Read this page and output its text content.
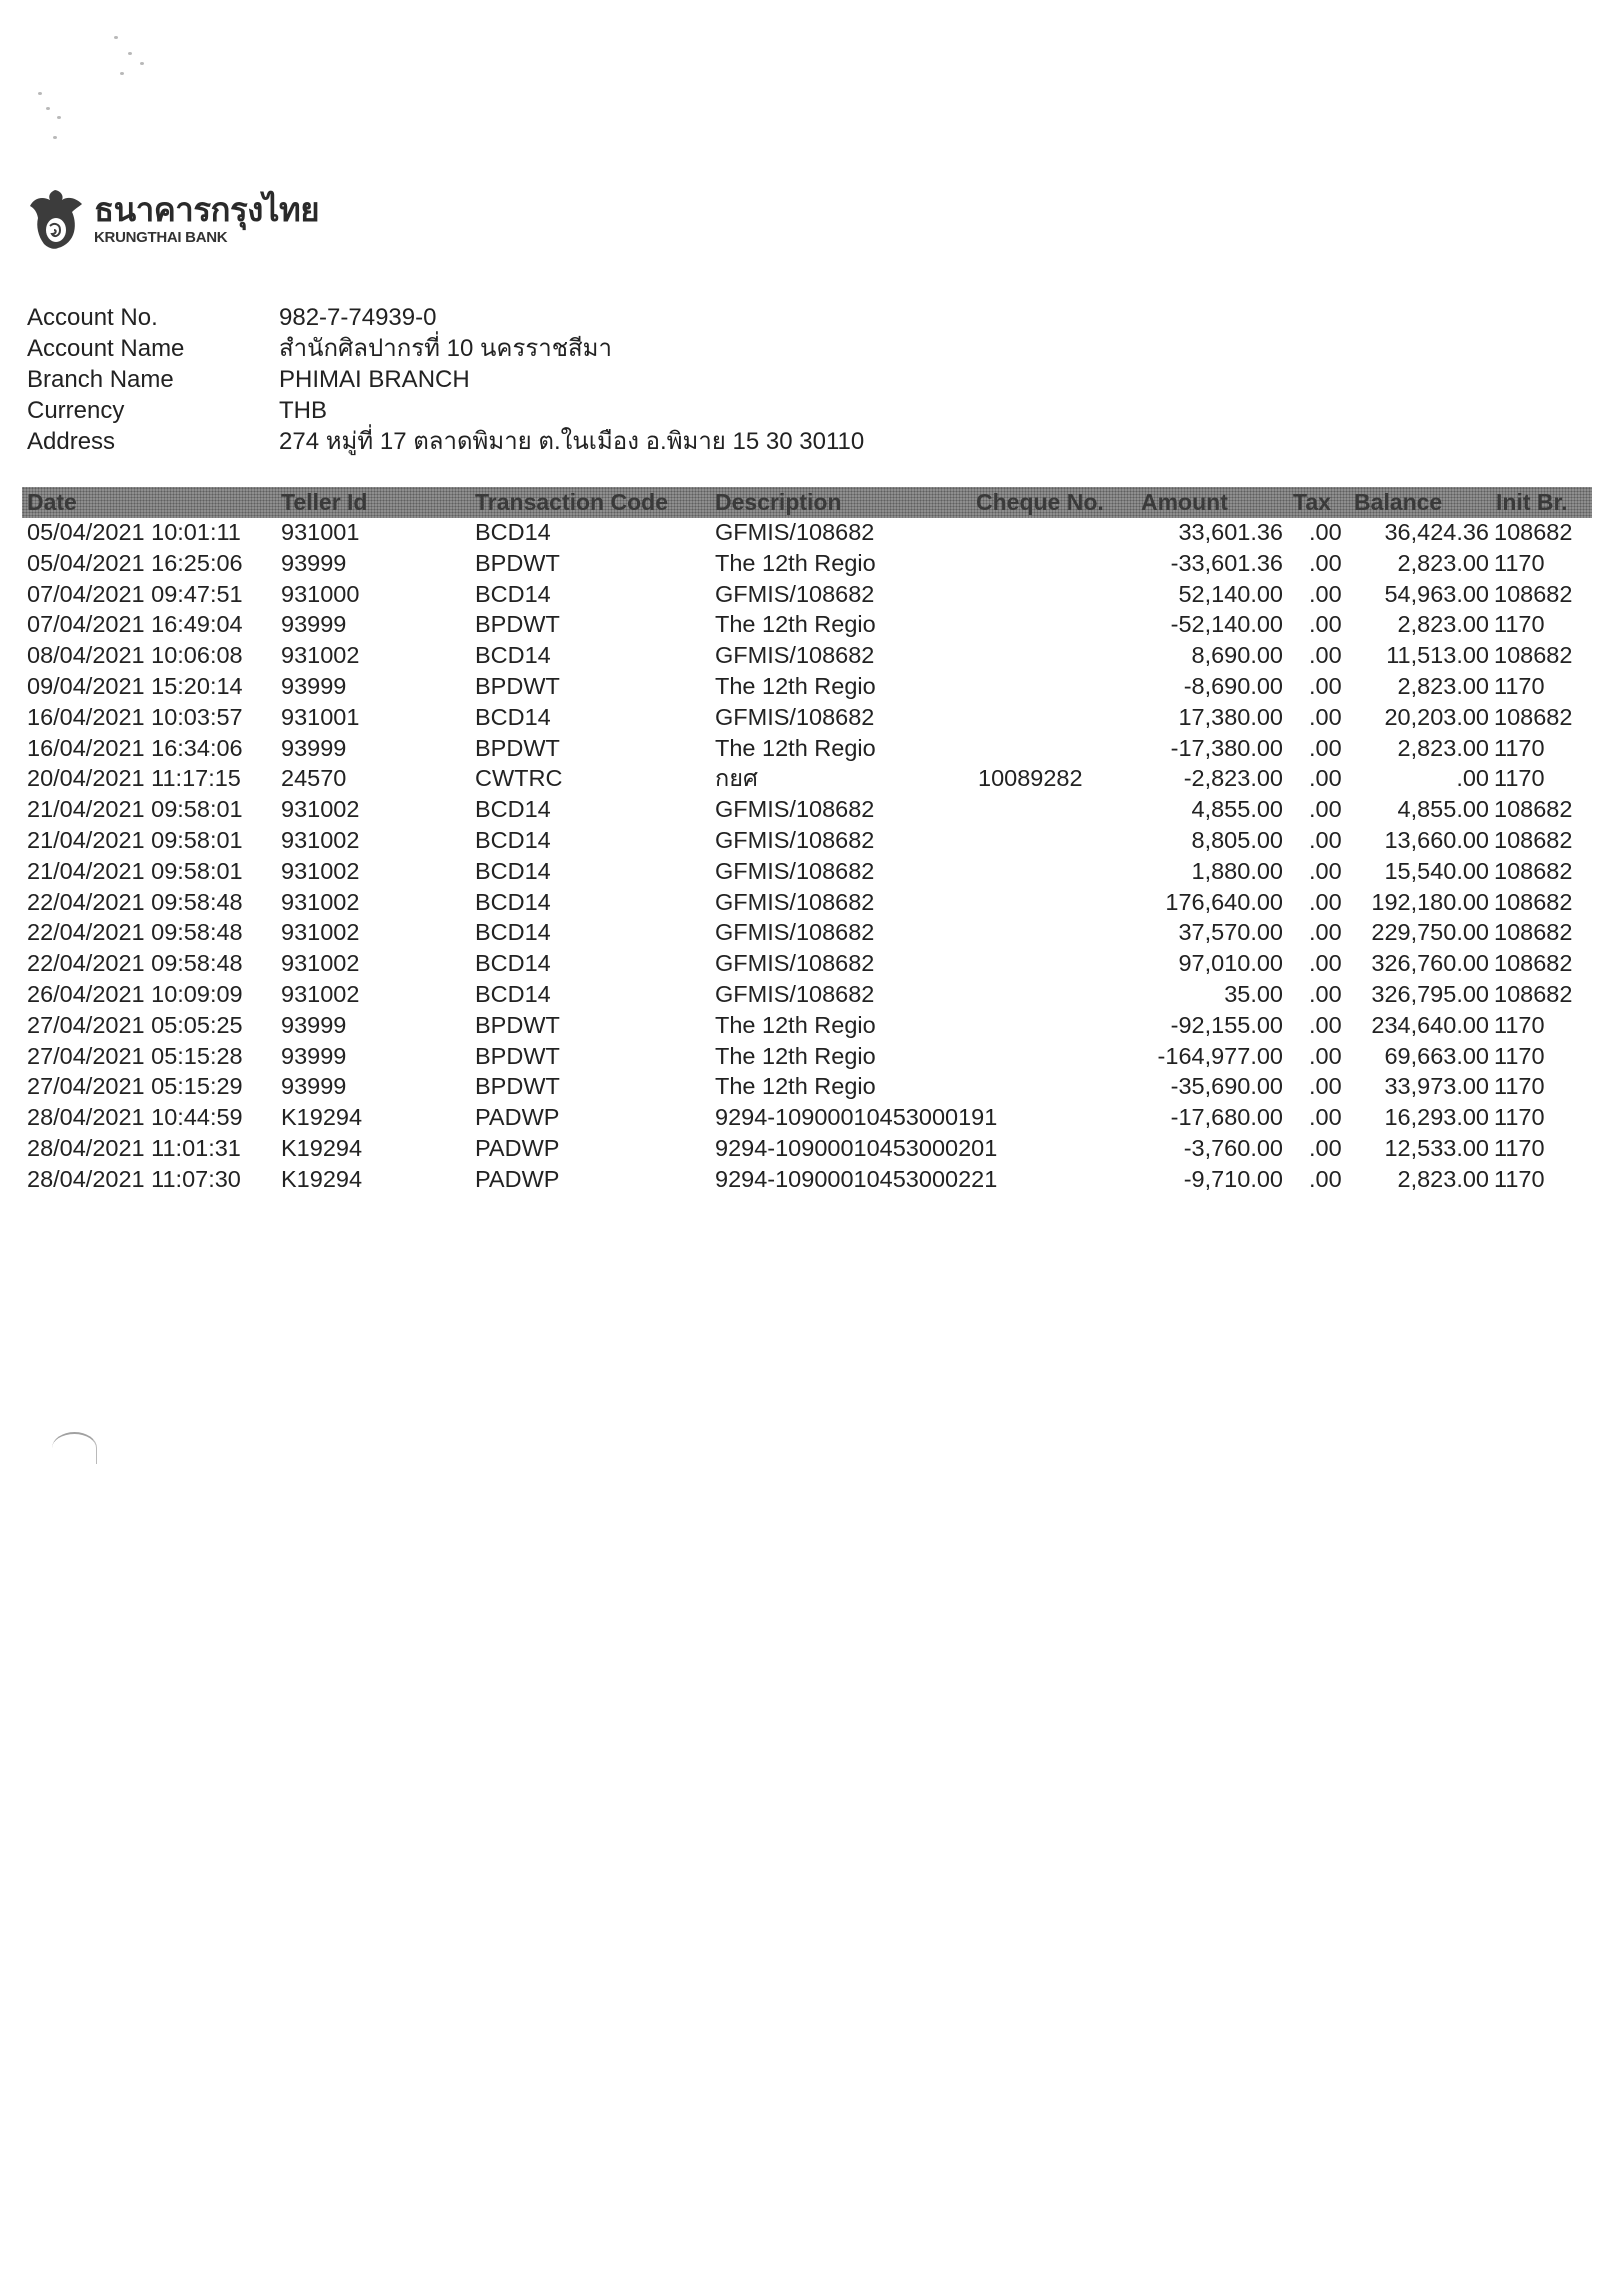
ธนาคารกรุงไทย
KRUNGTHAI BANK
Account No.	982-7-74939-0
Account Name	สำนักศิลปากรที่ 10 นครราชสีมา
Branch Name	PHIMAI BRANCH
Currency	THB
Address	274 หมู่ที่ 17 ตลาดพิมาย ต.ในเมือง อ.พิมาย 15 30 30110
Date	Teller Id	Transaction Code Description	Cheque No. Amount	Tax Balance Init Br.
05/04/2021 10:01:11 931001	BCD14	GFMIS/108682	33,601.36 .00 36,424.36 108682
05/04/2021 16:25:06 93999	BPDWT	The 12th Regio	-33,601.36 .00 2,823.00 1170
07/04/2021 09:47:51 931000	BCD14	GFMIS/108682	52,140.00 .00 54,963.00 108682
07/04/2021 16:49:04 93999	BPDWT	The 12th Regio	-52,140.00 .00 2,823.00 1170
08/04/2021 10:06:08 931002	BCD14	GFMIS/108682	8,690.00 .00 11,513.00 108682
09/04/2021 15:20:14 93999	BPDWT	The 12th Regio	-8,690.00 .00 2,823.00 1170
16/04/2021 10:03:57 931001	BCD14	GFMIS/108682	17,380.00 .00 20,203.00 108682
16/04/2021 16:34:06 93999	BPDWT	The 12th Regio	-17,380.00 .00 2,823.00 1170
20/04/2021 11:17:15 24570	CWTRC	กยศ	10089282	-2,823.00 .00	.00 1170
21/04/2021 09:58:01 931002	BCD14	GFMIS/108682	4,855.00 .00 4,855.00 108682
21/04/2021 09:58:01 931002	BCD14	GFMIS/108682	8,805.00 .00 13,660.00 108682
21/04/2021 09:58:01 931002	BCD14	GFMIS/108682	1,880.00 .00 15,540.00 108682
22/04/2021 09:58:48 931002	BCD14	GFMIS/108682	176,640.00 .00 192,180.00 108682
22/04/2021 09:58:48 931002	BCD14	GFMIS/108682	37,570.00 .00 229,750.00 108682
22/04/2021 09:58:48 931002	BCD14	GFMIS/108682	97,010.00 .00 326,760.00 108682
26/04/2021 10:09:09 931002	BCD14	GFMIS/108682	35.00 .00 326,795.00 108682
27/04/2021 05:05:25 93999	BPDWT	The 12th Regio	-92,155.00 .00 234,640.00 1170
27/04/2021 05:15:28 93999	BPDWT	The 12th Regio	-164,977.00 .00 69,663.00 1170
27/04/2021 05:15:29 93999	BPDWT	The 12th Regio	-35,690.00 .00 33,973.00 1170
28/04/2021 10:44:59 K19294	PADWP	9294-10900010453000191	-17,680.00 .00 16,293.00 1170
28/04/2021 11:01:31 K19294	PADWP	9294-10900010453000201	-3,760.00 .00 12,533.00 1170
28/04/2021 11:07:30 K19294	PADWP	9294-10900010453000221	-9,710.00 .00 2,823.00 1170
